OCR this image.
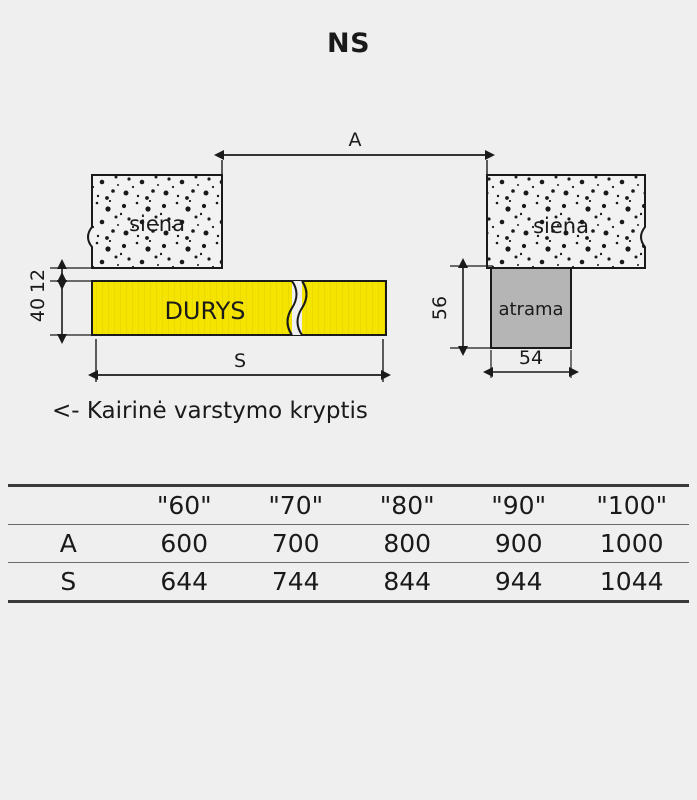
NS
siena
DURYS
A
S
12
40
siena
atrama
56
54
<- Kairinė varstymo kryptis
	"60"	"70"	"80"	"90"	"100"
A	600	700	800	900	1000
S	644	744	844	944	1044
